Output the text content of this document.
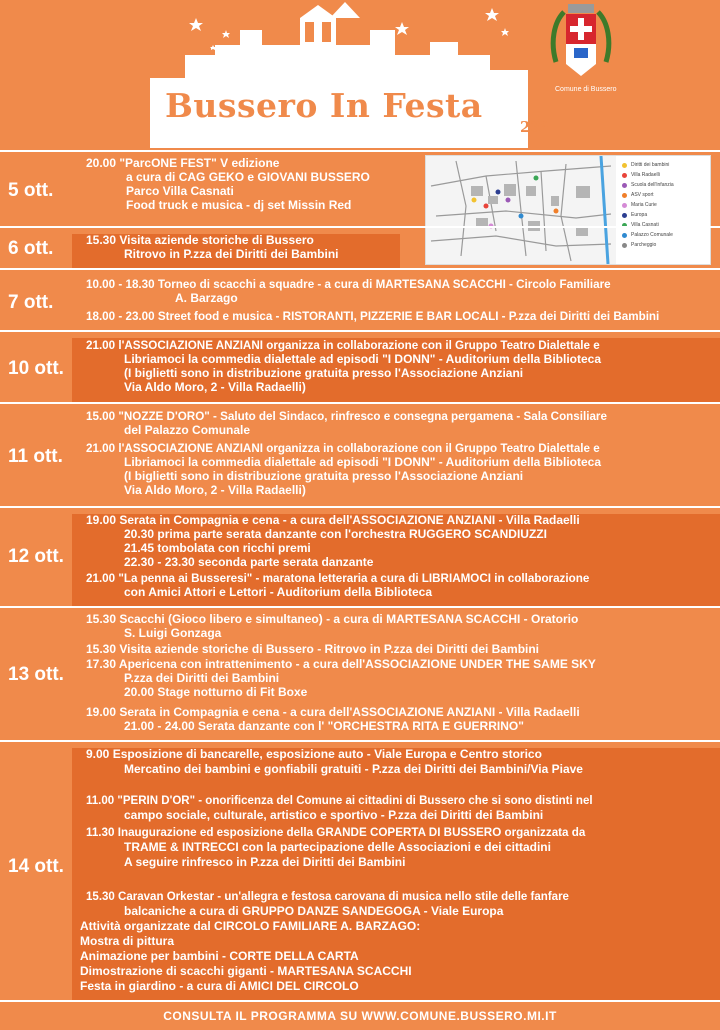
Bussero In Festa
23ª
Comune di Bussero
Diritti dei bambini
Villa Radaelli
Scuola dell'infanzia
ASV sport
Maria Curie
Europa
Villa Casnati
Palazzo Comunale
Parcheggio
5 ott.
20.00 "ParcONE FEST" V edizione
a cura di CAG GEKO e GIOVANI BUSSERO
Parco Villa Casnati
Food truck e musica - dj set Missin Red
6 ott.	15.30 Visita aziende storiche di Bussero
Ritrovo in P.zza dei Diritti dei Bambini
7 ott.
10.00 - 18.30 Torneo di scacchi a squadre - a cura di MARTESANA SCACCHI - Circolo Familiare
A. Barzago
18.00 - 23.00 Street food e musica - RISTORANTI, PIZZERIE E BAR LOCALI - P.zza dei Diritti dei Bambini
10 ott.
21.00 l'ASSOCIAZIONE ANZIANI organizza in collaborazione con il Gruppo Teatro Dialettale e
Libriamoci la commedia dialettale ad episodi "I DONN" - Auditorium della Biblioteca
(I biglietti sono in distribuzione gratuita presso l'Associazione Anziani
Via Aldo Moro, 2 - Villa Radaelli)
11 ott.
15.00 "NOZZE D'ORO" - Saluto del Sindaco, rinfresco e consegna pergamena - Sala Consiliare
del Palazzo Comunale
21.00 l'ASSOCIAZIONE ANZIANI organizza in collaborazione con il Gruppo Teatro Dialettale e
Libriamoci la commedia dialettale ad episodi "I DONN" - Auditorium della Biblioteca
(I biglietti sono in distribuzione gratuita presso l'Associazione Anziani
Via Aldo Moro, 2 - Villa Radaelli)
12 ott.
19.00 Serata in Compagnia e cena - a cura dell'ASSOCIAZIONE ANZIANI - Villa Radaelli
20.30 prima parte serata danzante con l'orchestra RUGGERO SCANDIUZZI
21.45 tombolata con ricchi premi
22.30 - 23.30 seconda parte serata danzante
21.00 "La penna ai Busseresi" - maratona letteraria a cura di LIBRIAMOCI in collaborazione
con Amici Attori e Lettori - Auditorium della Biblioteca
13 ott.
15.30 Scacchi (Gioco libero e simultaneo) - a cura di MARTESANA SCACCHI - Oratorio
S. Luigi Gonzaga
15.30 Visita aziende storiche di Bussero - Ritrovo in P.zza dei Diritti dei Bambini
17.30 Apericena con intrattenimento - a cura dell'ASSOCIAZIONE UNDER THE SAME SKY
P.zza dei Diritti dei Bambini
20.00 Stage notturno di Fit Boxe
19.00 Serata in Compagnia e cena - a cura dell'ASSOCIAZIONE ANZIANI - Villa Radaelli
21.00 - 24.00 Serata danzante con l' "ORCHESTRA RITA E GUERRINO"
14 ott.
9.00 Esposizione di bancarelle, esposizione auto - Viale Europa e Centro storico
Mercatino dei bambini e gonfiabili gratuiti - P.zza dei Diritti dei Bambini/Via Piave
11.00 "PERIN D'OR" - onorificenza del Comune ai cittadini di Bussero che si sono distinti nel
campo sociale, culturale, artistico e sportivo - P.zza dei Diritti dei Bambini
11.30 Inaugurazione ed esposizione della GRANDE COPERTA DI BUSSERO organizzata da
TRAME & INTRECCI con la partecipazione delle Associazioni e dei cittadini
A seguire rinfresco in P.zza dei Diritti dei Bambini
15.30 Caravan Orkestar - un'allegra e festosa carovana di musica nello stile delle fanfare
balcaniche a cura di GRUPPO DANZE SANDEGOGA - Viale Europa
Attività organizzate dal CIRCOLO FAMILIARE A. BARZAGO:
Mostra di pittura
Animazione per bambini - CORTE DELLA CARTA
Dimostrazione di scacchi giganti - MARTESANA SCACCHI
Festa in giardino - a cura di AMICI DEL CIRCOLO
CONSULTA IL PROGRAMMA SU WWW.COMUNE.BUSSERO.MI.IT
